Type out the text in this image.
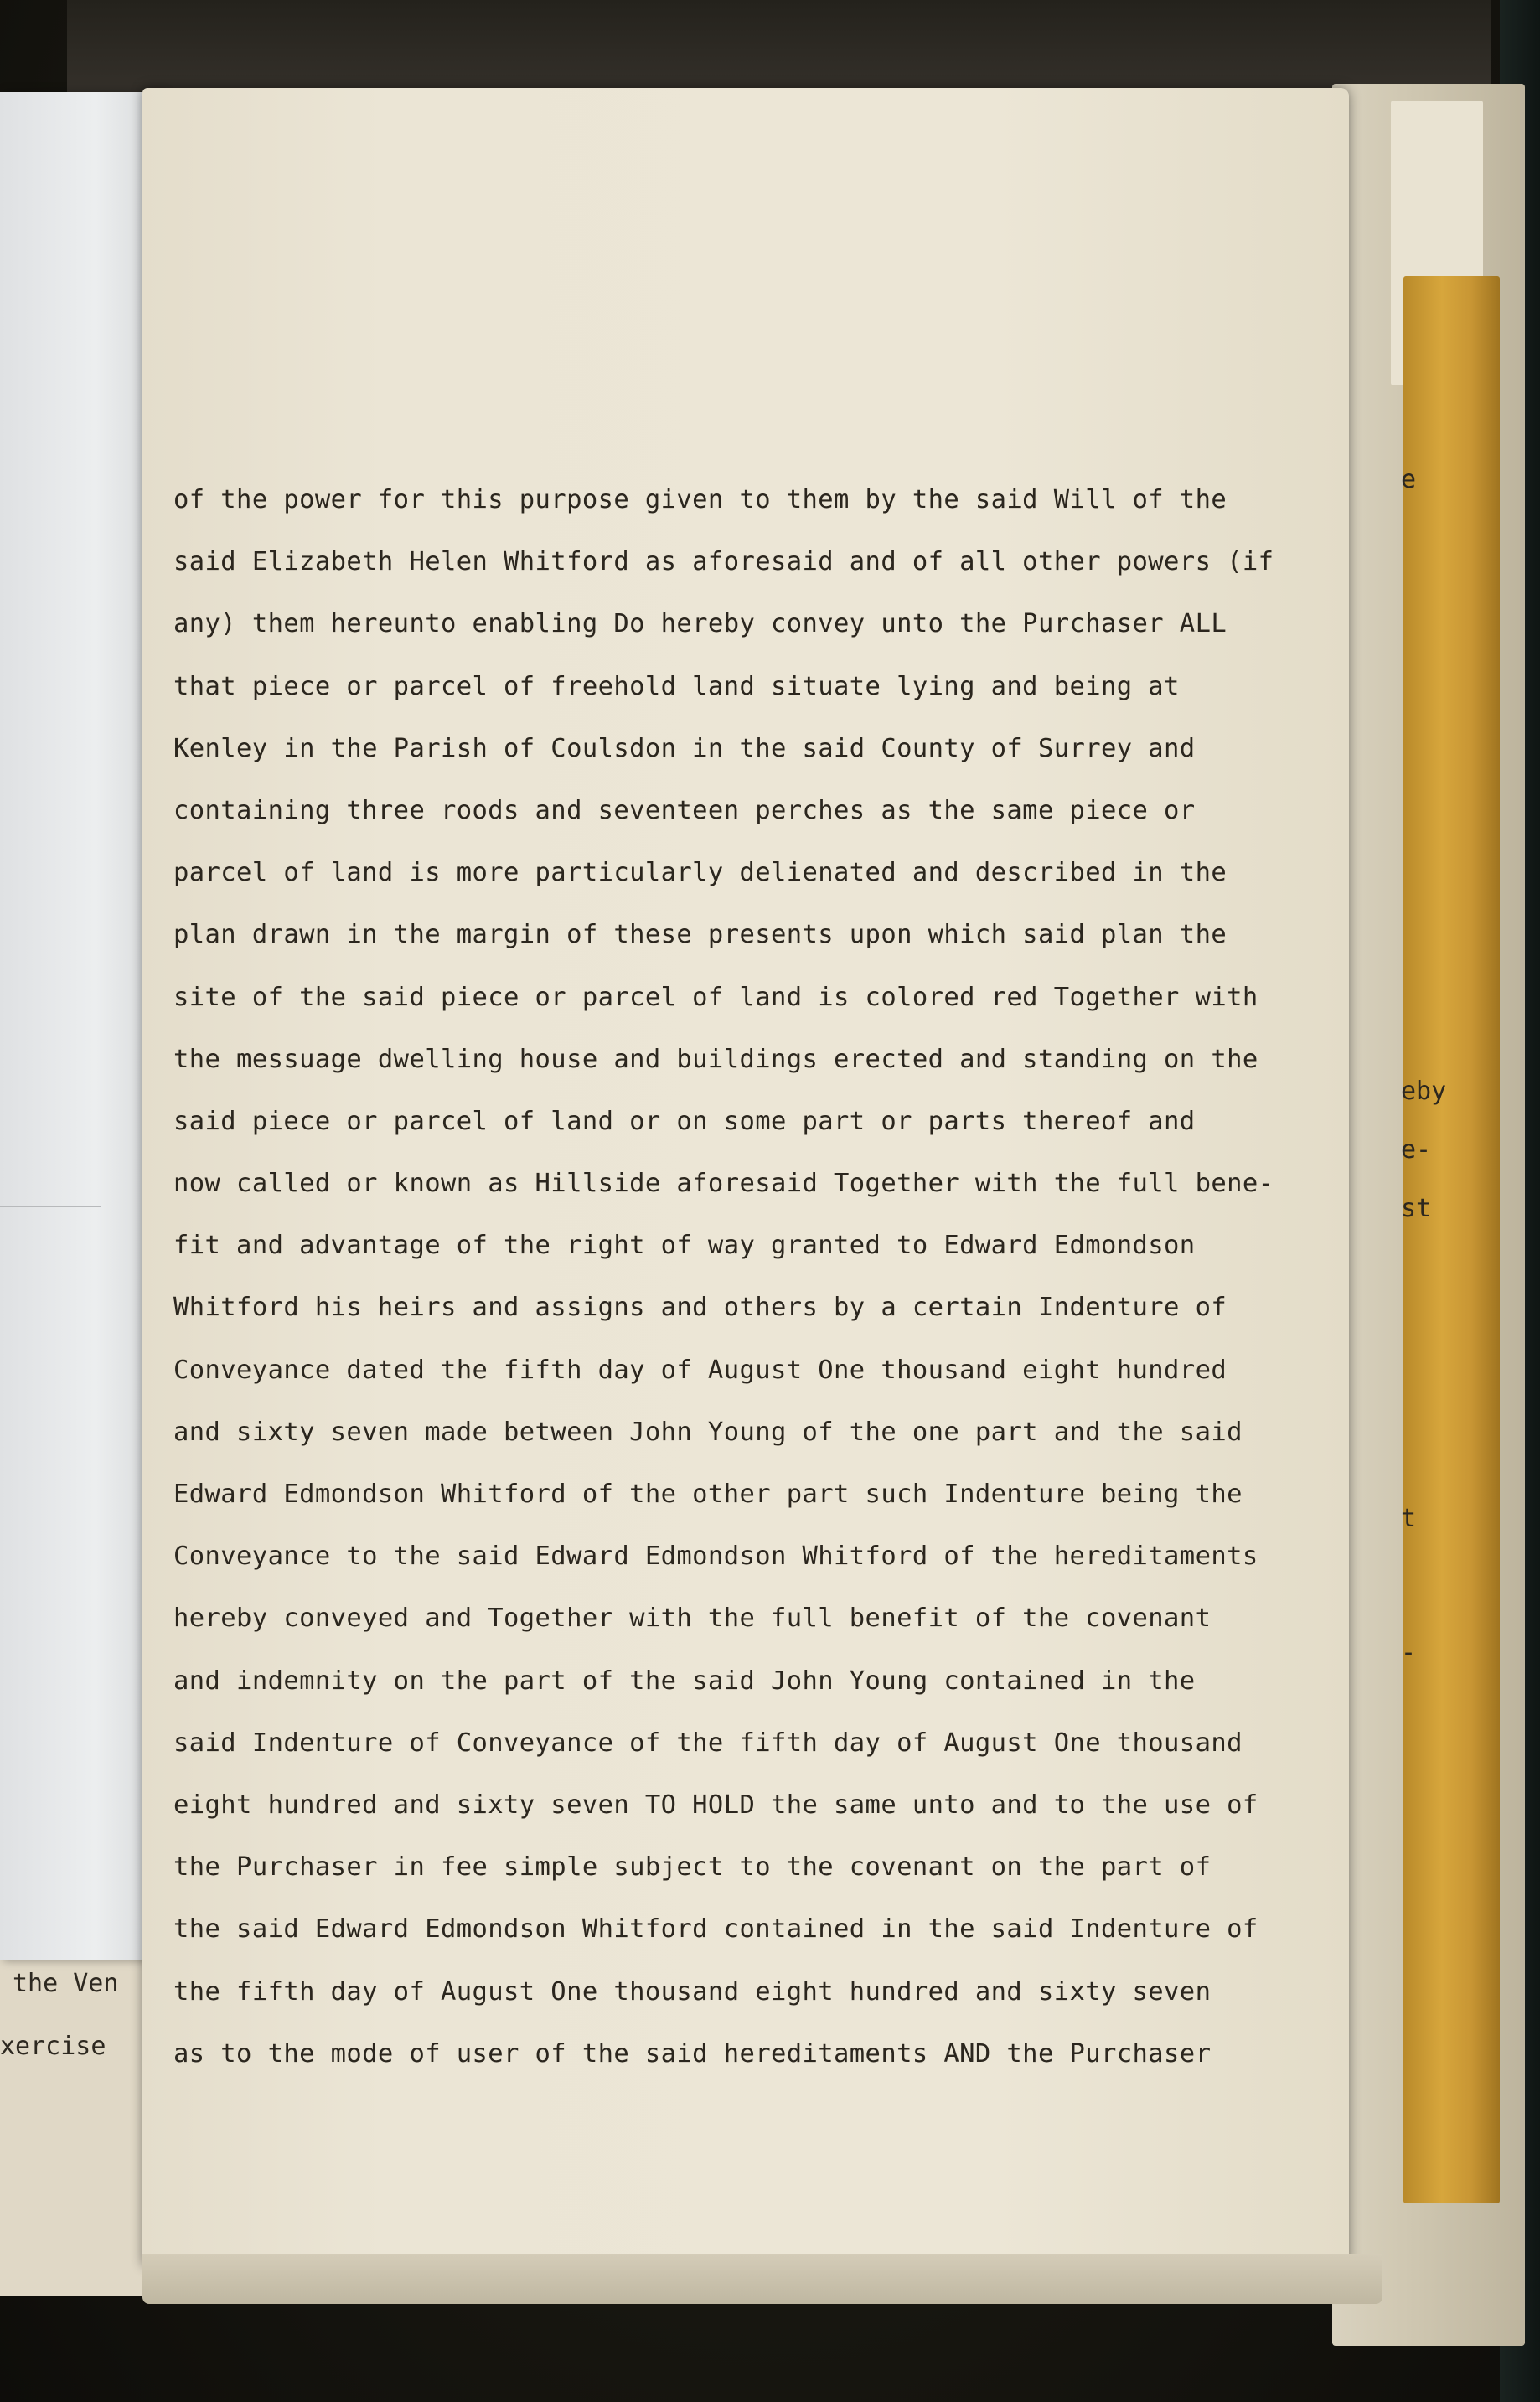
e
eby
e-
st
t
-
the Ven
xercise
of the power for this purpose given to them by the said Will of the
said Elizabeth Helen Whitford as aforesaid and of all other powers (if
any) them hereunto enabling Do hereby convey unto the Purchaser ALL
that piece or parcel of freehold land situate lying and being at
Kenley in the Parish of Coulsdon in the said County of Surrey and
containing three roods and seventeen perches as the same piece or
parcel of land is more particularly delienated and described in the
plan drawn in the margin of these presents upon which said plan the
site of the said piece or parcel of land is colored red Together with
the messuage dwelling house and buildings erected and standing on the
said piece or parcel of land or on some part or parts thereof and
now called or known as Hillside aforesaid Together with the full bene-
fit and advantage of the right of way granted to Edward Edmondson
Whitford his heirs and assigns and others by a certain Indenture of
Conveyance dated the fifth day of August One thousand eight hundred
and sixty seven made between John Young of the one part and the said
Edward Edmondson Whitford of the other part such Indenture being the
Conveyance to the said Edward Edmondson Whitford of the hereditaments
hereby conveyed and Together with the full benefit of the covenant
and indemnity on the part of the said John Young contained in the
said Indenture of Conveyance of the fifth day of August One thousand
eight hundred and sixty seven TO HOLD the same unto and to the use of
the Purchaser in fee simple subject to the covenant on the part of
the said Edward Edmondson Whitford contained in the said Indenture of
the fifth day of August One thousand eight hundred and sixty seven
as to the mode of user of the said hereditaments AND the Purchaser
